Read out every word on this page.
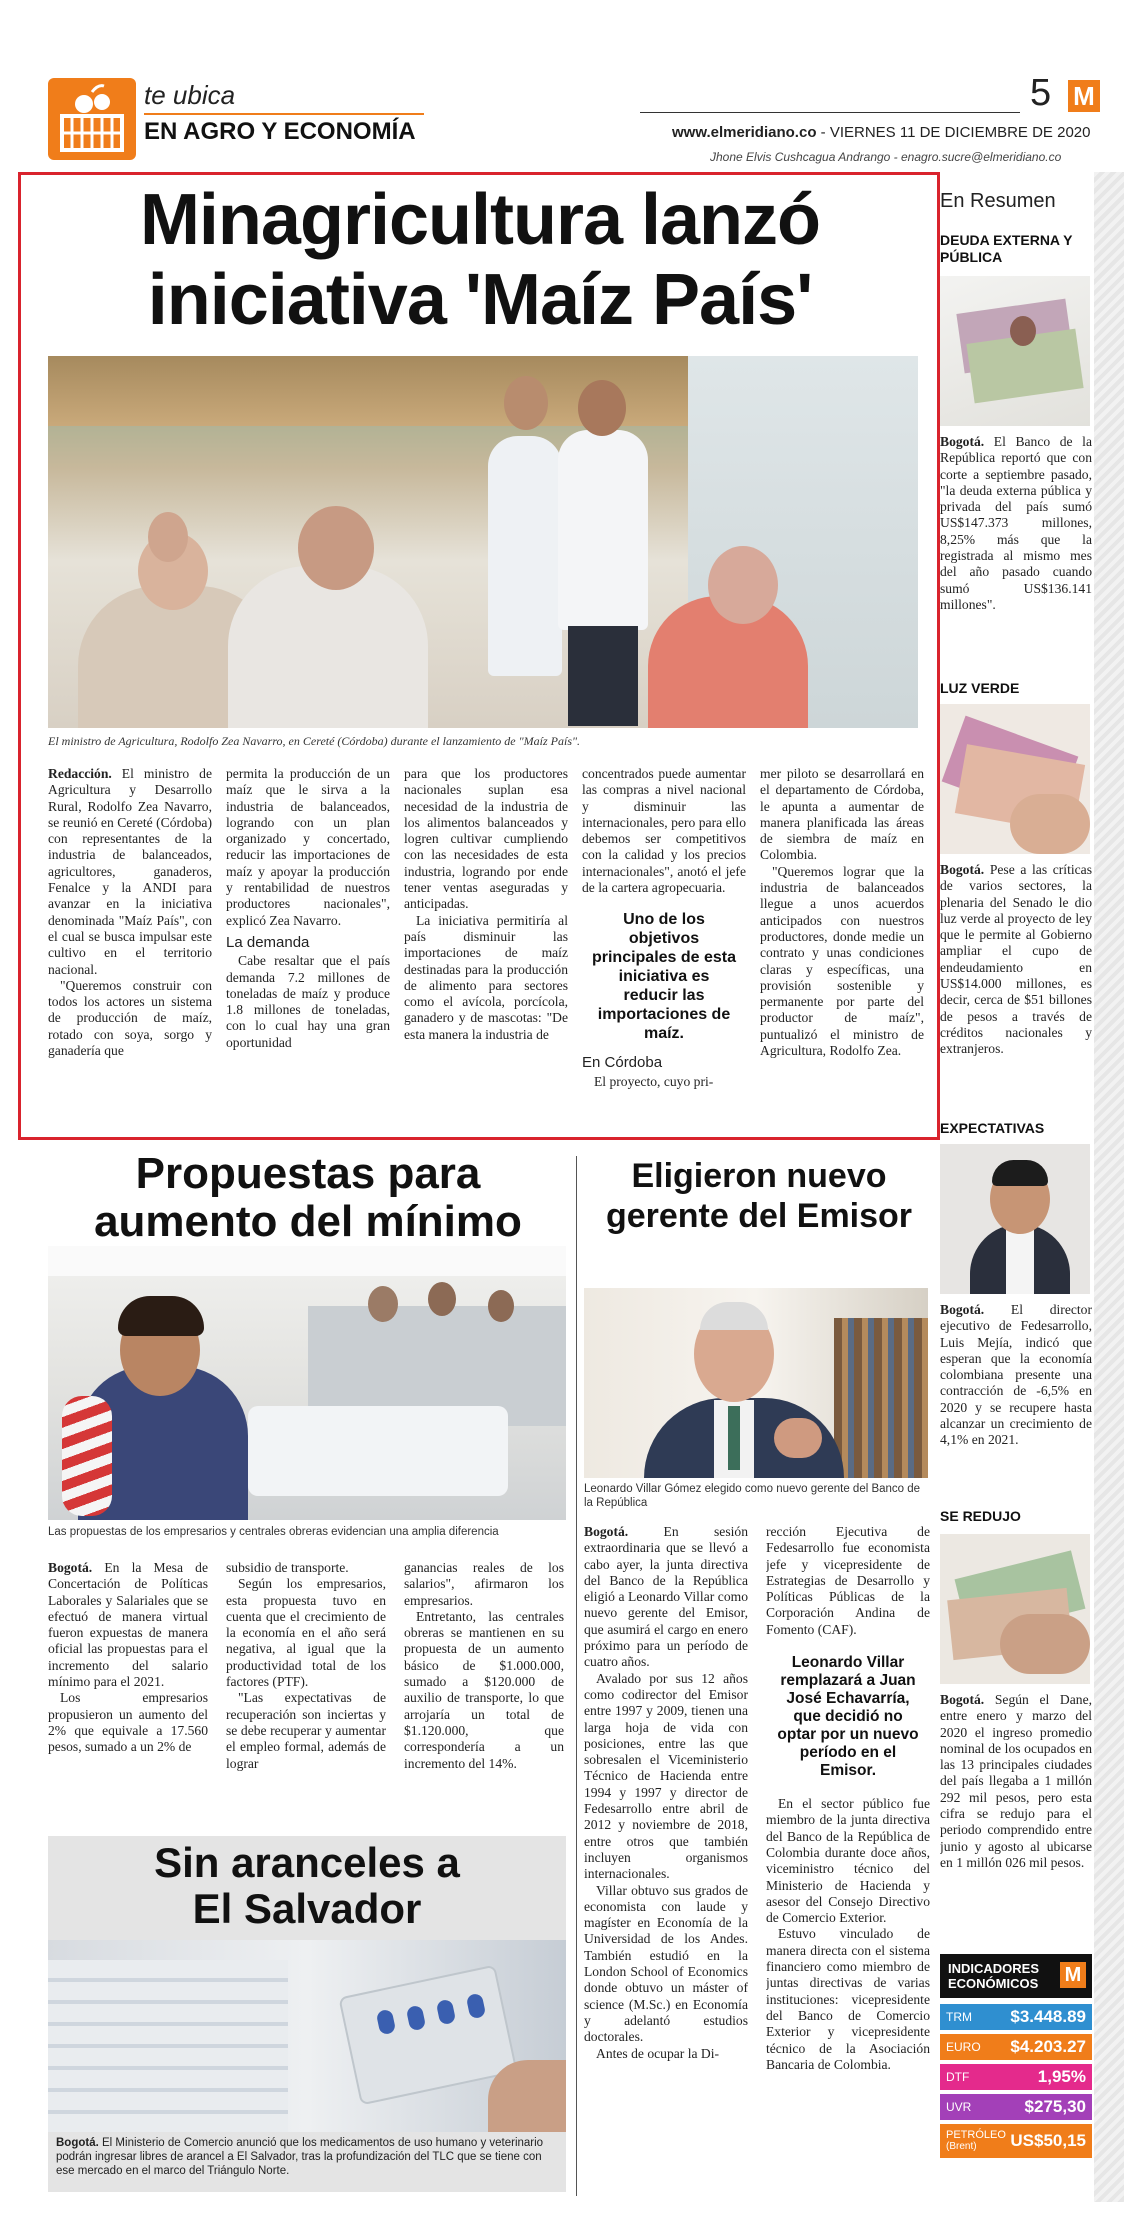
te ubica
EN AGRO Y ECONOMÍA
5 M
www.elmeridiano.co - VIERNES 11 DE DICIEMBRE DE 2020
Jhone Elvis Cushcagua Andrango - enagro.sucre@elmeridiano.co
Minagricultura lanzó
iniciativa 'Maíz País'
El ministro de Agricultura, Rodolfo Zea Navarro, en Cereté (Córdoba) durante el lanzamiento de "Maíz País".

Redacción. El ministro de Agricultura y Desarrollo Rural, Rodolfo Zea Navarro, se reunió en Cereté (Córdoba) con representantes de la industria de balanceados, agricultores, ganaderos, Fenalce y la ANDI para avanzar en la iniciativa denominada "Maíz País", con el cual se busca impulsar este cultivo en el territorio nacional.

"Queremos construir con todos los actores un sistema de producción de maíz, rotado con soya, sorgo y ganadería que

permita la producción de un maíz que le sirva a la industria de balanceados, logrando con un plan organizado y concertado, reducir las importaciones de maíz y apoyar la producción y rentabilidad de nuestros productores nacionales", explicó Zea Navarro.

La demanda

Cabe resaltar que el país demanda 7.2 millones de toneladas de maíz y produce 1.8 millones de toneladas, con lo cual hay una gran oportunidad

para que los productores nacionales suplan esa necesidad de la industria de los alimentos balanceados y logren cultivar cumpliendo con las necesidades de esta industria, logrando por ende tener ventas aseguradas y anticipadas.

La iniciativa permitiría al país disminuir las importaciones de maíz destinadas para la producción de alimento para sectores como el avícola, porcícola, ganadero y de mascotas: "De esta manera la industria de

concentrados puede aumentar las compras a nivel nacional y disminuir las internacionales, pero para ello debemos ser competitivos con la calidad y los precios internacionales", anotó el jefe de la cartera agropecuaria.

Uno de los objetivos principales de esta iniciativa es reducir las importaciones de maíz.
En Córdoba

El proyecto, cuyo pri-

mer piloto se desarrollará en el departamento de Córdoba, le apunta a aumentar de manera planificada las áreas de siembra de maíz en Colombia.

"Queremos lograr que la industria de balanceados llegue a unos acuerdos anticipados con nuestros productores, donde medie un contrato y unas condiciones claras y específicas, una provisión sostenible y permanente por parte del productor de maíz", puntualizó el ministro de Agricultura, Rodolfo Zea.

Propuestas para
aumento del mínimo
Las propuestas de los empresarios y centrales obreras evidencian una amplia diferencia

Bogotá. En la Mesa de Concertación de Políticas Laborales y Salariales que se efectuó de manera virtual fueron expuestas de manera oficial las propuestas para el incremento del salario mínimo para el 2021.

Los empresarios propusieron un aumento del 2% que equivale a 17.560 pesos, sumado a un 2% de

subsidio de transporte.

Según los empresarios, esta propuesta tuvo en cuenta que el crecimiento de la economía en el año será negativa, al igual que la productividad total de los factores (PTF).

"Las expectativas de recuperación son inciertas y se debe recuperar y aumentar el empleo formal, además de lograr

ganancias reales de los salarios", afirmaron los empresarios.

Entretanto, las centrales obreras se mantienen en su propuesta de un aumento básico de $1.000.000, sumado a $120.000 de auxilio de transporte, lo que arrojaría un total de $1.120.000, que correspondería a un incremento del 14%.

Sin aranceles a
El Salvador
Bogotá. El Ministerio de Comercio anunció que los medicamentos de uso humano y veterinario podrán ingresar libres de arancel a El Salvador, tras la profundización del TLC que se tiene con ese mercado en el marco del Triángulo Norte.
Eligieron nuevo
gerente del Emisor
Leonardo Villar Gómez elegido como nuevo gerente del Banco de la República

Bogotá.	En sesión extraordinaria que se llevó a cabo ayer, la junta directiva del Banco de la República eligió a Leonardo Villar como nuevo gerente del Emisor, que asumirá el cargo en enero próximo para un período de cuatro años.

Avalado por sus 12 años como codirector del Emisor entre 1997 y 2009, tienen una larga hoja de vida con posiciones, entre las que sobresalen el Viceministerio Técnico de Hacienda entre 1994 y 1997 y director de Fedesarrollo entre abril de 2012 y noviembre de 2018, entre otros que también incluyen organismos internacionales.

Villar obtuvo sus grados de economista con laude y magíster en Economía de la Universidad de los Andes. También estudió en la London School of Economics donde obtuvo un máster of science (M.Sc.) en Economía y adelantó estudios doctorales.

Antes de ocupar la Di-

rección Ejecutiva de Fedesarrollo fue economista jefe y vicepresidente de Estrategias de Desarrollo y Políticas Públicas de la Corporación Andina de Fomento (CAF).

Leonardo Villar remplazará a Juan José Echavarría, que decidió no optar por un nuevo período en el Emisor.

En el sector público fue miembro de la junta directiva del Banco de la República de Colombia durante doce años, viceministro técnico del Ministerio de Hacienda y asesor del Consejo Directivo de Comercio Exterior.

Estuvo vinculado de manera directa con el sistema financiero como miembro de juntas directivas de varias instituciones: vicepresidente del Banco de Comercio Exterior y vicepresidente técnico de la Asociación Bancaria de Colombia.

En Resumen
DEUDA EXTERNA Y PÚBLICA
Bogotá. El Banco de la República reportó que con corte a septiembre pasado, "la deuda externa pública y privada del país sumó US$147.373 millones, 8,25% más que la registrada al mismo mes del año pasado cuando sumó US$136.141 millones".
LUZ VERDE
Bogotá. Pese a las críticas de varios sectores, la plenaria del Senado le dio luz verde al proyecto de ley que le permite al Gobierno ampliar el cupo de endeudamiento en US$14.000 millones, es decir, cerca de $51 billones de pesos a través de créditos nacionales y extranjeros.
EXPECTATIVAS
Bogotá. El director ejecutivo de Fedesarrollo, Luis Mejía, indicó que esperan que la economía colombiana presente una contracción de -6,5% en 2020 y se recupere hasta alcanzar un crecimiento de 4,1% en 2021.
SE REDUJO
Bogotá. Según el Dane, entre enero y marzo del 2020 el ingreso promedio nominal de los ocupados en las 13 principales ciudades del país llegaba a 1 millón 292 mil pesos, pero esta cifra se redujo para el periodo comprendido entre junio y agosto al ubicarse en 1 millón 026 mil pesos.
INDICADORES
ECONÓMICOS	M
TRM $3.448.89
EURO $4.203.27
DTF	1,95%
UVR	$275,30
PETRÓLEO
(Brent)	US$50,15
